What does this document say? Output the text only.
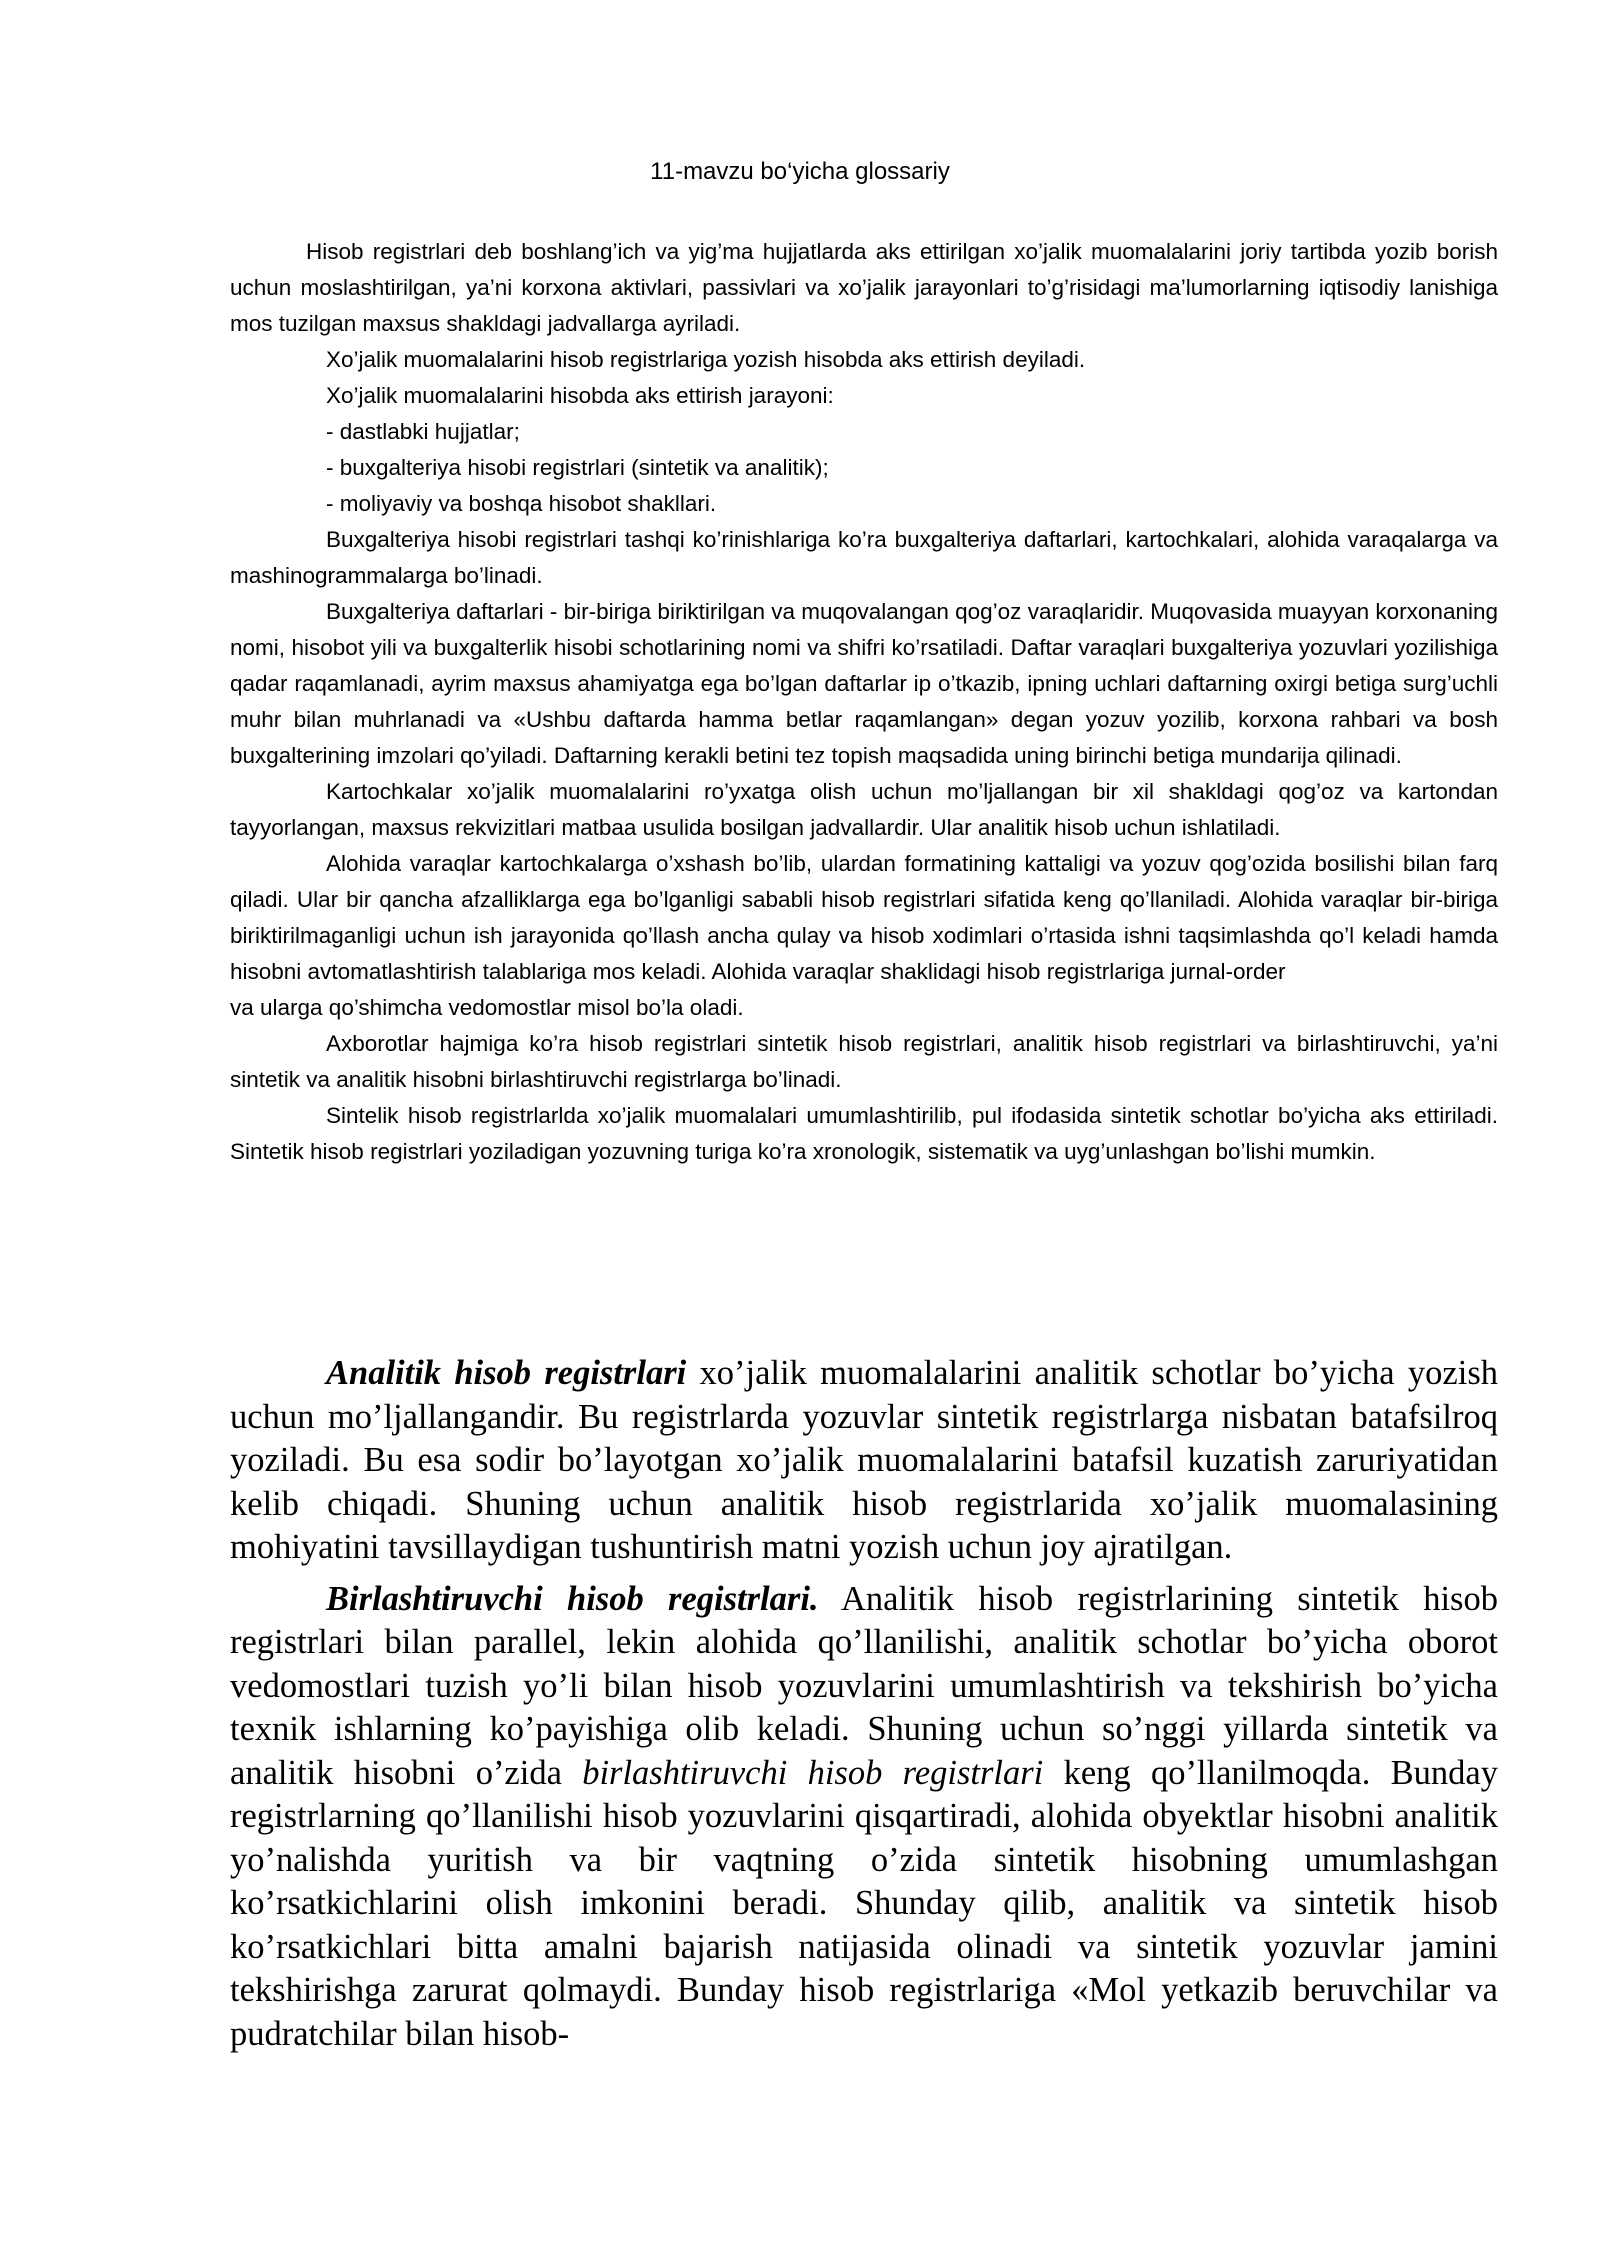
11-mavzu bo‘yicha glossariy

Hisob registrlari deb boshlang’ich va yig’ma hujjatlarda aks ettirilgan xo’jalik muomalalarini joriy tartibda yozib borish uchun moslashtirilgan, ya’ni korxona aktivlari, passivlari va xo’jalik jarayonlari to’g’risidagi ma’lumorlarning iqtisodiy lanishiga mos tuzilgan maxsus shakldagi jadvallarga ayriladi.

Xo’jalik muomalalarini hisob registrlariga yozish hisobda aks ettirish deyiladi.

Xo’jalik muomalalarini hisobda aks ettirish jarayoni:

- dastlabki hujjatlar;
- buxgalteriya hisobi registrlari (sintetik va analitik);
- moliyaviy va boshqa hisobot shakllari.

Buxgalteriya hisobi registrlari tashqi ko’rinishlariga ko’ra buxgalteriya daftarlari, kartochkalari, alohida varaqalarga va mashinogrammalarga bo’linadi.

Buxgalteriya daftarlari - bir-biriga biriktirilgan va muqovalangan qog’oz varaqlaridir. Muqovasida muayyan korxonaning nomi, hisobot yili va buxgalterlik hisobi schotlarining nomi va shifri ko’rsatiladi. Daftar varaqlari buxgalteriya yozuvlari yozilishiga qadar raqamlanadi, ayrim maxsus ahamiyatga ega bo’lgan daftarlar ip o’tkazib, ipning uchlari daftarning oxirgi betiga surg’uchli muhr bilan muhrlanadi va «Ushbu daftarda hamma betlar raqamlangan» degan yozuv yozilib, korxona rahbari va bosh buxgalterining imzolari qo’yiladi. Daftarning kerakli betini tez topish maqsadida uning birinchi betiga mundarija qilinadi.

Kartochkalar xo’jalik muomalalarini ro’yxatga olish uchun mo’ljallangan bir xil shakldagi qog’oz va kartondan tayyorlangan, maxsus rekvizitlari matbaa usulida bosilgan jadvallardir. Ular analitik hisob uchun ishlatiladi.

Alohida varaqlar kartochkalarga o’xshash bo’lib, ulardan formatining kattaligi va yozuv qog’ozida bosilishi bilan farq qiladi. Ular bir qancha afzalliklarga ega bo’lganligi sababli hisob registrlari sifatida keng qo’llaniladi. Alohida varaqlar bir-biriga biriktirilmaganligi uchun ish jarayonida qo’llash ancha qulay va hisob xodimlari o’rtasida ishni taqsimlashda qo’l keladi hamda hisobni avtomatlashtirish talablariga mos keladi. Alohida varaqlar shaklidagi hisob registrlariga jurnal-order

va ularga qo’shimcha vedomostlar misol bo’la oladi.

Axborotlar hajmiga ko’ra hisob registrlari sintetik hisob registrlari, analitik hisob registrlari va birlashtiruvchi, ya’ni sintetik va analitik hisobni birlashtiruvchi registrlarga bo’linadi.

Sintelik hisob registrlarlda xo’jalik muomalalari umumlashtirilib, pul ifodasida sintetik schotlar bo’yicha aks ettiriladi. Sintetik hisob registrlari yoziladigan yozuvning turiga ko’ra xronologik, sistematik va uyg’unlashgan bo’lishi mumkin.

Analitik hisob registrlari xo’jalik muomalalarini analitik schotlar bo’yicha yozish uchun mo’ljallangandir. Bu registrlarda yozuvlar sintetik registrlarga nisbatan batafsilroq yoziladi. Bu esa sodir bo’layotgan xo’jalik muomalalarini batafsil kuzatish zaruriyatidan kelib chiqadi. Shuning uchun analitik hisob registrlarida xo’jalik muomalasining mohiyatini tavsillaydigan tushuntirish matni yozish uchun joy ajratilgan.

Birlashtiruvchi hisob registrlari. Analitik hisob registrlarining sintetik hisob registrlari bilan parallel, lekin alohida qo’llanilishi, analitik schotlar bo’yicha oborot vedomostlari tuzish yo’li bilan hisob yozuvlarini umumlashtirish va tekshirish bo’yicha texnik ishlarning ko’payishiga olib keladi. Shuning uchun so’nggi yillarda sintetik va analitik hisobni o’zida birlashtiruvchi hisob registrlari keng qo’llanilmoqda. Bunday registrlarning qo’llanilishi hisob yozuvlarini qisqartiradi, alohida obyektlar hisobni analitik yo’nalishda yuritish va bir vaqtning o’zida sintetik hisobning umumlashgan ko’rsatkichlarini olish imkonini beradi. Shunday qilib, analitik va sintetik hisob ko’rsatkichlari bitta amalni bajarish natijasida olinadi va sintetik yozuvlar jamini tekshirishga zarurat qolmaydi. Bunday hisob registrlariga «Mol yetkazib beruvchilar va pudratchilar bilan hisob-
